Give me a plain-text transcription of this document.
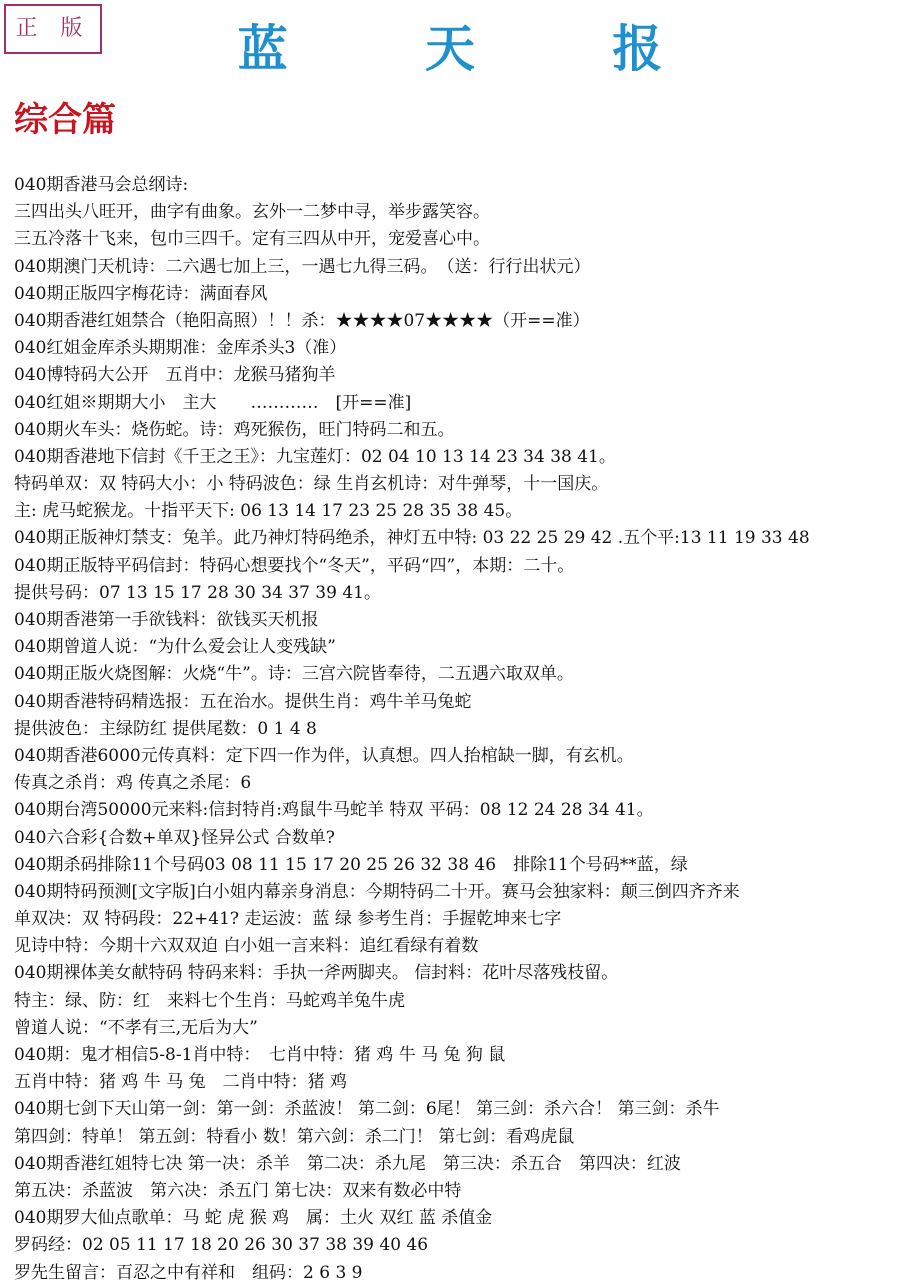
正 版	蓝 天 报
综合篇
040期香港马会总纲诗:
三四出头八旺开，曲字有曲象。玄外一二梦中寻，举步露笑容。
三五冷落十飞来，包巾三四千。定有三四从中开，宠爱喜心中。
040期澳门天机诗：二六遇七加上三，一遇七九得三码。　（送：行行出状元）
040期正版四字梅花诗：满面春风
040期香港红姐禁合（艳阳高照）！！杀：★★★★07★★★★（开==准）
040红姐金库杀头期期准：金库杀头3（准）
040博特码大公开　五肖中：龙猴马猪狗羊
040红姐※期期大小　主大　　…………　[开==准]
040期火车头：烧伤蛇。诗：鸡死猴伤，旺门特码二和五。
040期香港地下信封《千王之王》：九宝莲灯：02 04 10 13 14 23 34 38 41。
特码单双：双 特码大小：小 特码波色：绿 生肖玄机诗：对牛弹琴，十一国庆。
主: 虎马蛇猴龙。十指平天下: 06 13 14 17 23 25 28 35 38 45。
040期正版神灯禁支：兔羊。此乃神灯特码绝杀，神灯五中特: 03 22 25 29 42 .五个平:13 11 19 33 48
040期正版特平码信封：特码心想要找个“冬天”，平码“四”，本期：二十。
提供号码：07 13 15 17 28 30 34 37 39 41。
040期香港第一手欲钱料：欲钱买天机报
040期曾道人说：“为什么爱会让人变残缺”
040期正版火烧图解：火烧“牛”。诗：三宫六院皆奉待，二五遇六取双单。
040期香港特码精选报：五在治水。提供生肖：鸡牛羊马兔蛇
提供波色：主绿防红 提供尾数：0 1 4 8
040期香港6000元传真料：定下四一作为伴，认真想。四人抬棺缺一脚，有玄机。
传真之杀肖：鸡 传真之杀尾：6
040期台湾50000元来料:信封特肖:鸡鼠牛马蛇羊 特双 平码：08 12 24 28 34 41。
040六合彩{合数+单双}怪异公式 合数单?
040期杀码排除11个号码03 08 11 15 17 20 25 26 32 38 46　排除11个号码**蓝，绿
040期特码预测[文字版]白小姐内幕亲身消息：今期特码二十开。赛马会独家料：颠三倒四齐齐来
单双决：双 特码段：22+41? 走运波：蓝 绿 参考生肖：手握乾坤来七字
见诗中特：今期十六双双迫 白小姐一言来料：追红看绿有着数
040期裸体美女献特码 特码来料：手执一斧两脚夹。 信封料：花叶尽落残枝留。
特主：绿、防：红　来料七个生肖：马蛇鸡羊兔牛虎
曾道人说：“不孝有三,无后为大”
040期：鬼才相信5-8-1肖中特：　七肖中特：猪 鸡 牛 马 兔 狗 鼠
五肖中特：猪 鸡 牛 马 兔　二肖中特：猪 鸡
040期七剑下天山第一剑：第一剑：杀蓝波！ 第二剑：6尾！ 第三剑：杀六合！ 第三剑：杀牛
第四剑：特单！ 第五剑：特看小 数！第六剑：杀二门！ 第七剑：看鸡虎鼠
040期香港红姐特七决 第一决：杀羊　第二决：杀九尾　第三决：杀五合　第四决：红波
第五决：杀蓝波　第六决：杀五门 第七决：双来有数必中特
040期罗大仙点歌单：马 蛇 虎 猴 鸡　属：土火 双红 蓝 杀值金
罗码经：02 05 11 17 18 20 26 30 37 38 39 40 46
罗先生留言：百忍之中有祥和　组码：2 6 3 9
